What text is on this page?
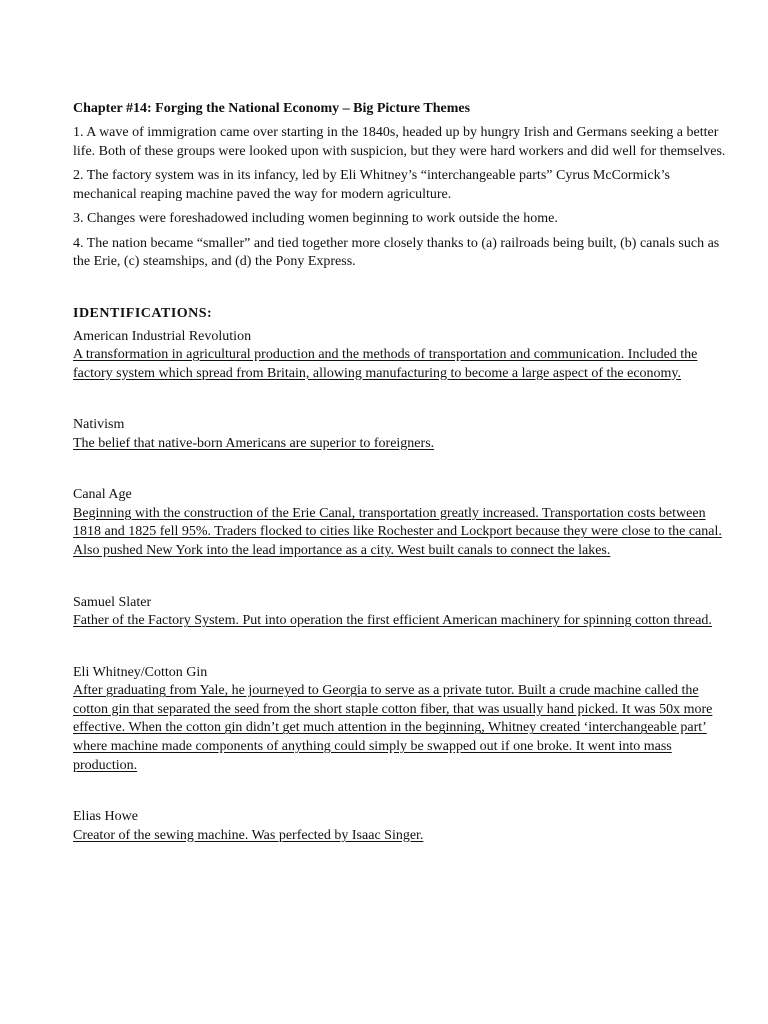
Chapter #14: Forging the National Economy – Big Picture Themes

1. A wave of immigration came over starting in the 1840s, headed up by hungry Irish and Germans seeking a better life. Both of these groups were looked upon with suspicion, but they were hard workers and did well for themselves.

2. The factory system was in its infancy, led by Eli Whitney’s “interchangeable parts” Cyrus McCormick’s mechanical reaping machine paved the way for modern agriculture.

3. Changes were foreshadowed including women beginning to work outside the home.

4. The nation became “smaller” and tied together more closely thanks to (a) railroads being built, (b) canals such as the Erie, (c) steamships, and (d) the Pony Express.

IDENTIFICATIONS:

American Industrial Revolution

A transformation in agricultural production and the methods of transportation and communication. Included the factory system which spread from Britain, allowing manufacturing to become a large aspect of the economy.

Nativism

The belief that native-born Americans are superior to foreigners.

Canal Age

Beginning with the construction of the Erie Canal, transportation greatly increased. Transportation costs between 1818 and 1825 fell 95%. Traders flocked to cities like Rochester and Lockport because they were close to the canal. Also pushed New York into the lead importance as a city. West built canals to connect the lakes.

Samuel Slater

Father of the Factory System. Put into operation the first efficient American machinery for spinning cotton thread.

Eli Whitney/Cotton Gin

After graduating from Yale, he journeyed to Georgia to serve as a private tutor. Built a crude machine called the cotton gin that separated the seed from the short staple cotton fiber, that was usually hand picked. It was 50x more effective. When the cotton gin didn’t get much attention in the beginning, Whitney created ‘interchangeable part’ where machine made components of anything could simply be swapped out if one broke. It went into mass production.

Elias Howe

Creator of the sewing machine. Was perfected by Isaac Singer.
